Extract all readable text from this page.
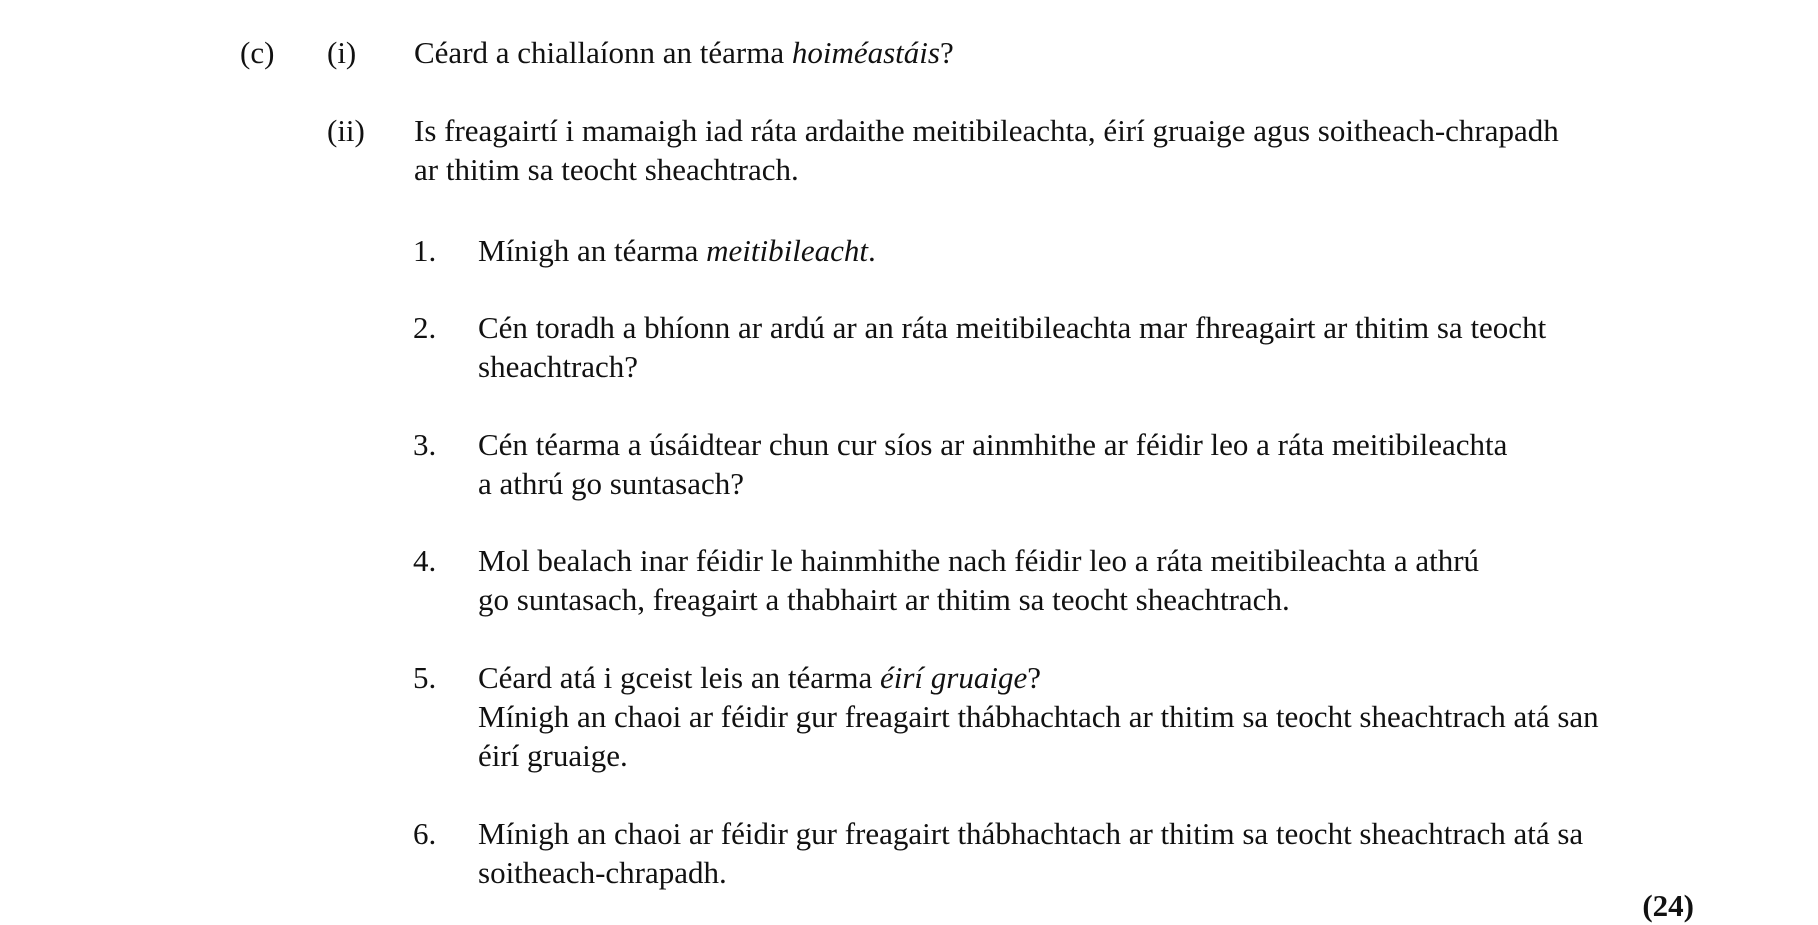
(c) (i) Céard a chiallaíonn an téarma hoiméastáis?
(ii) Is freagairtí i mamaigh iad ráta ardaithe meitibileachta, éirí gruaige agus soitheach-chrapadh
ar thitim sa teocht sheachtrach.
1. Mínigh an téarma meitibileacht.
2. Cén toradh a bhíonn ar ardú ar an ráta meitibileachta mar fhreagairt ar thitim sa teocht
sheachtrach?
3. Cén téarma a úsáidtear chun cur síos ar ainmhithe ar féidir leo a ráta meitibileachta
a athrú go suntasach?
4. Mol bealach inar féidir le hainmhithe nach féidir leo a ráta meitibileachta a athrú
go suntasach, freagairt a thabhairt ar thitim sa teocht sheachtrach.
5. Céard atá i gceist leis an téarma éirí gruaige?
Mínigh an chaoi ar féidir gur freagairt thábhachtach ar thitim sa teocht sheachtrach atá san
éirí gruaige.
6. Mínigh an chaoi ar féidir gur freagairt thábhachtach ar thitim sa teocht sheachtrach atá sa
soitheach-chrapadh.
(24)
